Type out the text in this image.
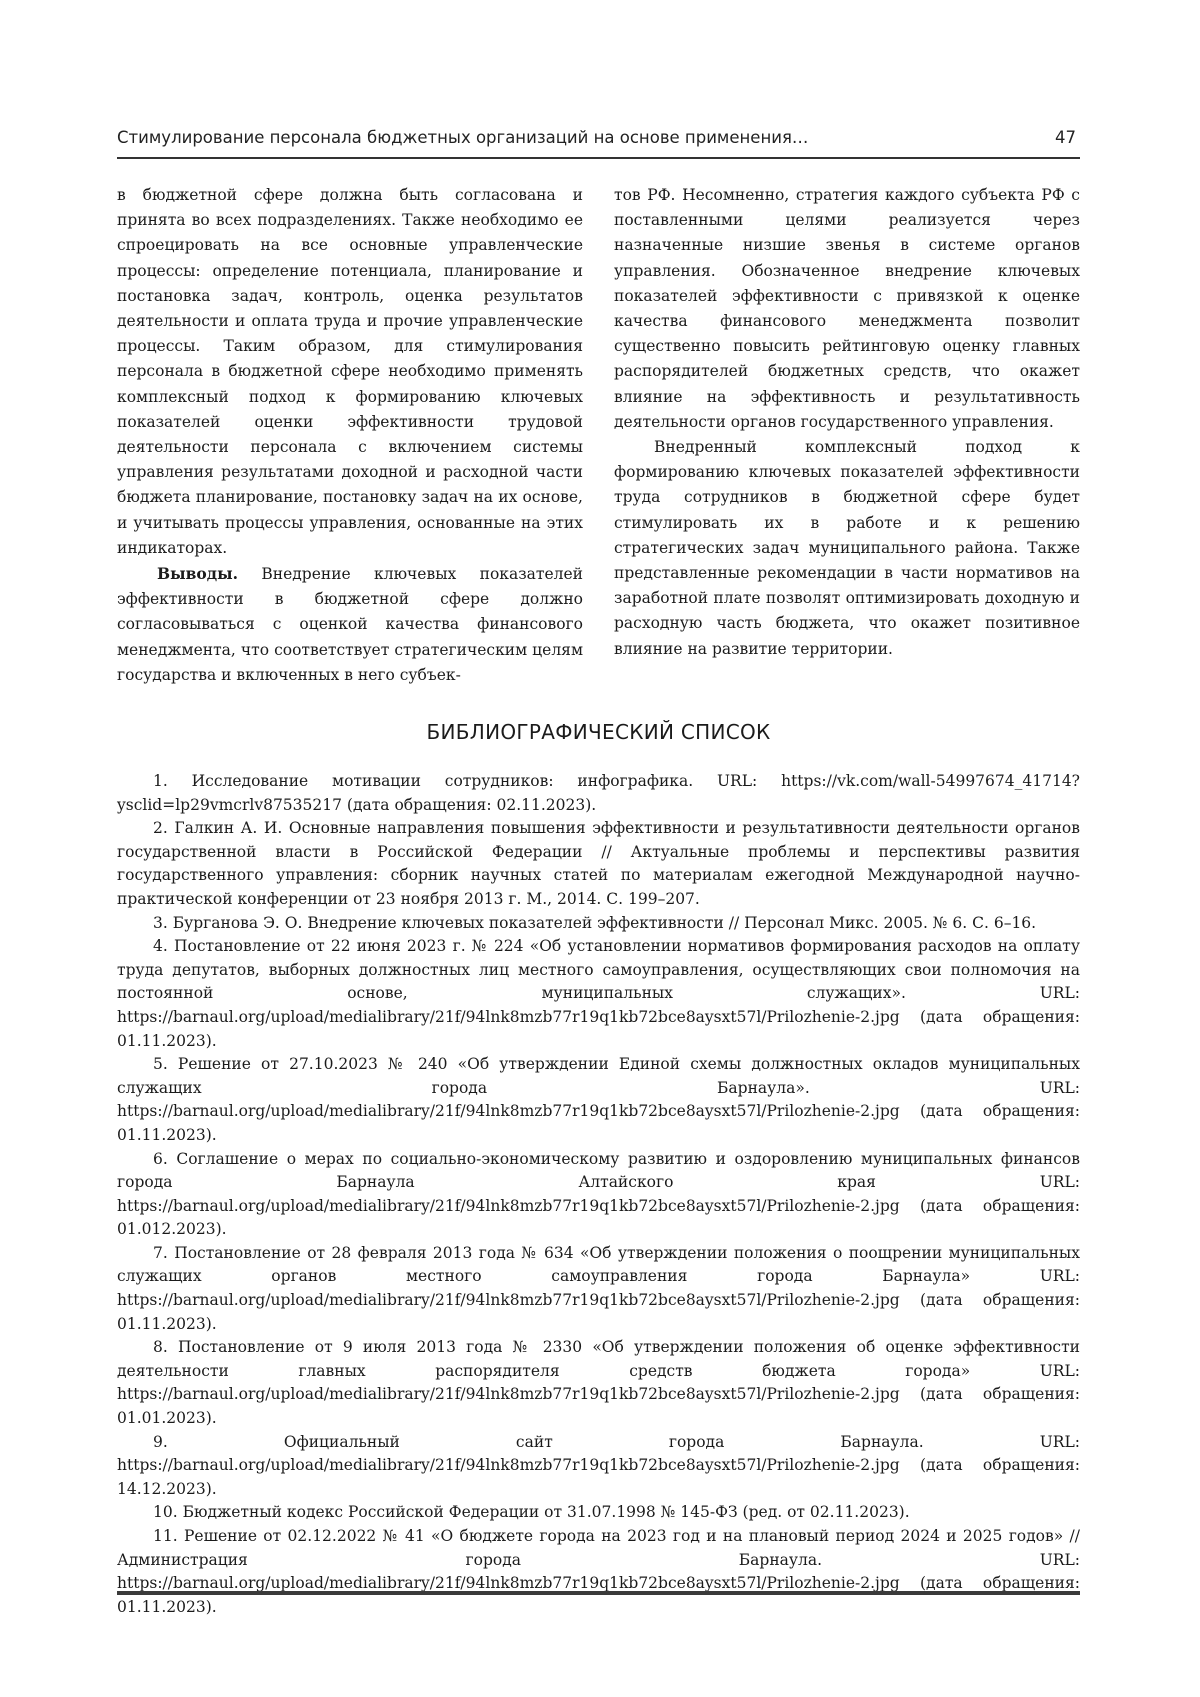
Стимулирование персонала бюджетных организаций на основе применения…	47

в бюджетной сфере должна быть согласована и принята во всех подразделениях. Также необходимо ее спроецировать на все основные управленческие процессы: определение потенциала, планирование и постановка задач, контроль, оценка результатов деятельности и оплата труда и прочие управленческие процессы. Таким образом, для стимулирования персонала в бюджетной сфере необходимо применять комплексный подход к формированию ключевых показателей оценки эффективности трудовой деятельности персонала с включением системы управления результатами доходной и расходной части бюджета планирование, постановку задач на их основе, и учитывать процессы управления, основанные на этих индикаторах.

Выводы. Внедрение ключевых показателей эффективности в бюджетной сфере должно согласовываться с оценкой качества финансового менеджмента, что соответствует стратегическим целям государства и включенных в него субъек-

тов РФ. Несомненно, стратегия каждого субъекта РФ с поставленными целями реализуется через назначенные низшие звенья в системе органов управления. Обозначенное внедрение ключевых показателей эффективности с привязкой к оценке качества финансового менеджмента позволит существенно повысить рейтинговую оценку главных распорядителей бюджетных средств, что окажет влияние на эффективность и результативность деятельности органов государственного управления.

Внедренный комплексный подход к формированию ключевых показателей эффективности труда сотрудников в бюджетной сфере будет стимулировать их в работе и к решению стратегических задач муниципального района. Также представленные рекомендации в части нормативов на заработной плате позволят оптимизировать доходную и расходную часть бюджета, что окажет позитивное влияние на развитие территории.

БИБЛИОГРАФИЧЕСКИЙ СПИСОК
1. Исследование мотивации сотрудников: инфографика. URL: https://vk.com/wall-54997674_41714?ysclid=lp29vmcrlv87535217 (дата обращения: 02.11.2023).
2. Галкин А. И. Основные направления повышения эффективности и результативности деятельности органов государственной власти в Российской Федерации // Актуальные проблемы и перспективы развития государственного управления: сборник научных статей по материалам ежегодной Международной научно-практической конференции от 23 ноября 2013 г. М., 2014. С. 199–207.
3. Бурганова Э. О. Внедрение ключевых показателей эффективности // Персонал Микс. 2005. № 6. С. 6–16.
4. Постановление от 22 июня 2023 г. № 224 «Об установлении нормативов формирования расходов на оплату труда депутатов, выборных должностных лиц местного самоуправления, осуществляющих свои полномочия на постоянной основе, муниципальных служащих». URL: https://barnaul.org/upload/medialibrary/21f/94lnk8mzb77r19q1kb72bce8aysxt57l/Prilozhenie-2.jpg (дата обращения: 01.11.2023).
5. Решение от 27.10.2023 № 240 «Об утверждении Единой схемы должностных окладов муниципальных служащих города Барнаула». URL: https://barnaul.org/upload/medialibrary/21f/94lnk8mzb77r19q1kb72bce8aysxt57l/Prilozhenie-2.jpg (дата обращения: 01.11.2023).
6. Соглашение о мерах по социально-экономическому развитию и оздоровлению муниципальных финансов города Барнаула Алтайского края URL: https://barnaul.org/upload/medialibrary/21f/94lnk8mzb77r19q1kb72bce8aysxt57l/Prilozhenie-2.jpg (дата обращения: 01.012.2023).
7. Постановление от 28 февраля 2013 года № 634 «Об утверждении положения о поощрении муниципальных служащих органов местного самоуправления города Барнаула» URL: https://barnaul.org/upload/medialibrary/21f/94lnk8mzb77r19q1kb72bce8aysxt57l/Prilozhenie-2.jpg (дата обращения: 01.11.2023).
8. Постановление от 9 июля 2013 года № 2330 «Об утверждении положения об оценке эффективности деятельности главных распорядителя средств бюджета города» URL: https://barnaul.org/upload/medialibrary/21f/94lnk8mzb77r19q1kb72bce8aysxt57l/Prilozhenie-2.jpg (дата обращения: 01.01.2023).
9. Официальный сайт города Барнаула. URL: https://barnaul.org/upload/medialibrary/21f/94lnk8mzb77r19q1kb72bce8aysxt57l/Prilozhenie-2.jpg (дата обращения: 14.12.2023).
10. Бюджетный кодекс Российской Федерации от 31.07.1998 № 145-ФЗ (ред. от 02.11.2023).
11. Решение от 02.12.2022 № 41 «О бюджете города на 2023 год и на плановый период 2024 и 2025 годов» // Администрация города Барнаула. URL: https://barnaul.org/upload/medialibrary/21f/94lnk8mzb77r19q1kb72bce8aysxt57l/Prilozhenie-2.jpg (дата обращения: 01.11.2023).
